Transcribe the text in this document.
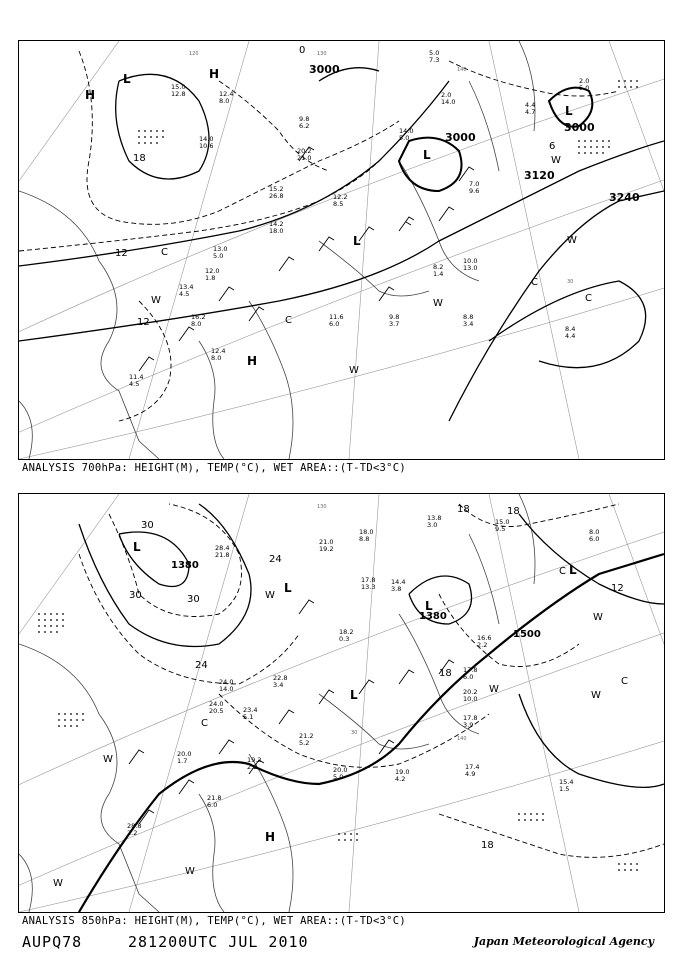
3000
3000
3000
3120
3240
12
12
6
18
0
L
H
H
L
L
L
H
W
W
W
W
W
C
C
C
C
15.0
12.8
14.0
10.6
12.4
8.0
9.8
6.2
12.2
8.5
20.2
21.0
15.2
26.8
14.2
18.0
13.0
5.0
12.0
1.8
13.4
4.5
16.2
8.0
12.4
8.0
11.4
4.5
11.6
6.0
9.8
3.7
8.8
3.4
8.4
4.4
10.0
13.0
8.2
1.4
14.0
5.0
7.0
9.6
2.0
14.0	4.4
4.7
2.0
5.0
5.0
7.3
140
30
130
120
ANALYSIS 700hPa: HEIGHT(M), TEMP(°C), WET AREA::(T-TD<3°C)
1380
1380
1500
30
30
24
24
18	18
18
18
12
30
L
L
L
L
L
H
W
W
W
W
W
W
W
C
C
C
28.4
21.8
24.0
20.5
21.0
19.2
18.0
8.8
17.8
13.3
14.4
3.8
16.6
2.2
17.8
6.0
20.2
10.0
17.8
3.9
19.0
4.2
17.4
4.9
15.4
1.5
21.8
6.0
28.8
2.2
20.0
5.0
21.2
5.2
19.2
2.2
20.0
1.7
22.8
3.4
23.4
5.1
24.0
14.0
18.2
0.3
13.8
3.0	15.0
9.5	8.0
6.0
140
30
130
ANALYSIS 850hPa: HEIGHT(M), TEMP(°C), WET AREA::(T-TD<3°C)
AUPQ78	281200UTC JUL 2010	Japan Meteorological Agency
